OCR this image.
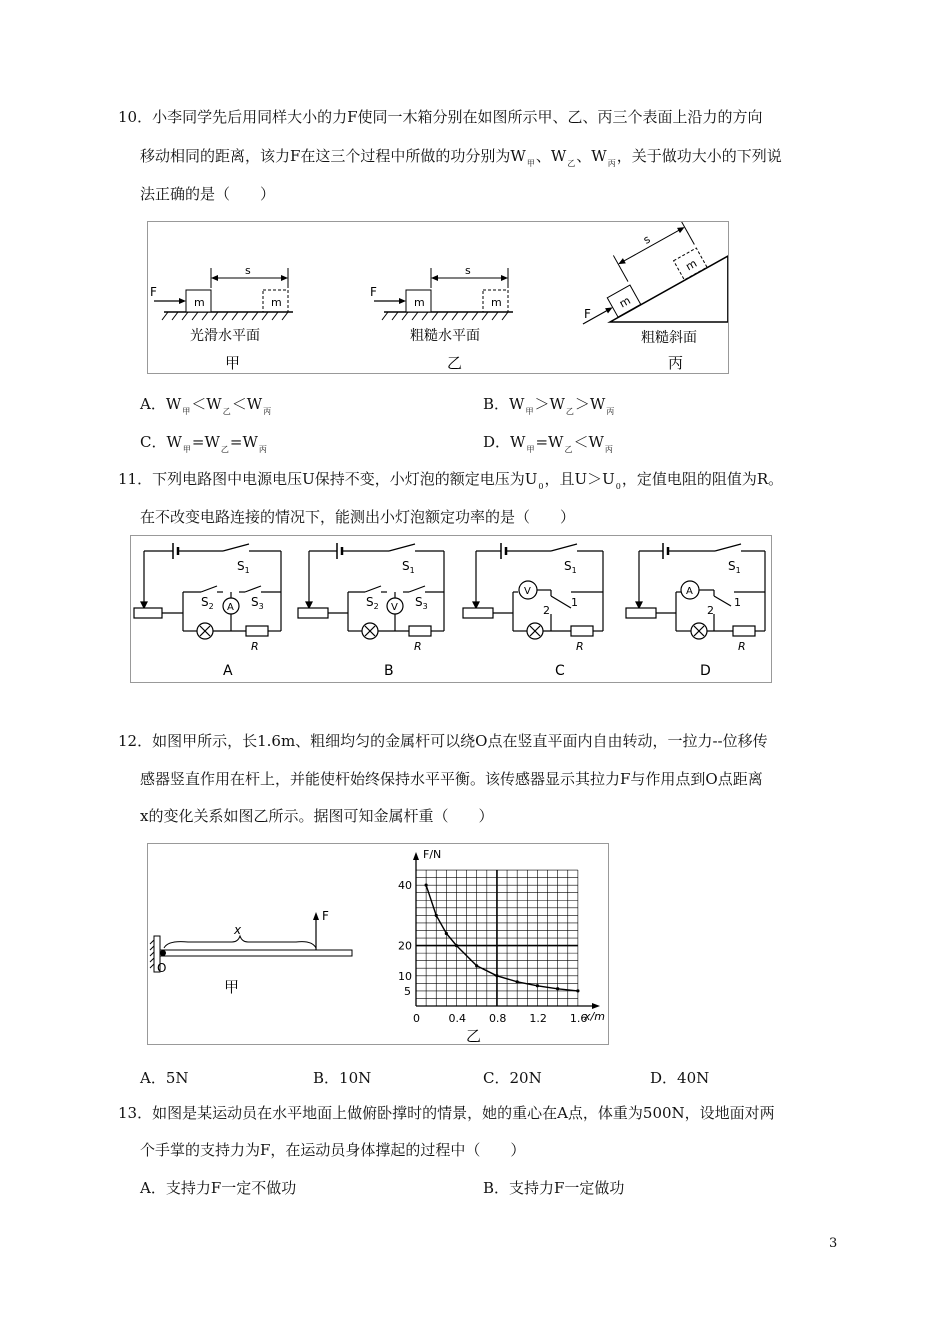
10．小李同学先后用同样大小的力F使同一木箱分别在如图所示甲、乙、丙三个表面上沿力的方向
移动相同的距离，该力F在这三个过程中所做的功分别为$W_甲$、$W_乙$、$W_丙$，关于做功大小的下列说
法正确的是（　　）
m	m
F
s
光滑水平面
甲
m	m
F
s
粗糙水平面
乙
m
m
s
F
粗糙斜面
丙
A．$W_甲<W_乙<W_丙$	B．$W_甲>W_乙>W_丙$
C．$W_甲=W_乙=W_丙$	D．$W_甲=W_乙<W_丙$
11．下列电路图中电源电压U保持不变，小灯泡的额定电压为$U_0$，且$U>U_0$，定值电阻的阻值为R。
在不改变电路连接的情况下，能测出小灯泡额定功率的是（　　）
$S_1$
$S_2$	$S_3$
A
R
A
$S_1$
$S_2$	$S_3$
V
R
B
$S_1$
V
2
1
R
C
$S_1$
A
2
1
R
D
12．如图甲所示，长1.6m、粗细均匀的金属杆可以绕O点在竖直平面内自由转动，一拉力--位移传
感器竖直作用在杆上，并能使杆始终保持水平平衡。该传感器显示其拉力F与作用点到O点距离
x的变化关系如图乙所示。据图可知金属杆重（　　）
F
x
O
甲
0	0.4 0.8 1.2 1.6
5
10
20
40
F/N
x/m
乙
A．5N	B．10N	C．20N	D．40N
13．如图是某运动员在水平地面上做俯卧撑时的情景，她的重心在A点，体重为500N，设地面对两
个手掌的支持力为F，在运动员身体撑起的过程中（　　）
A．支持力F一定不做功	B．支持力F一定做功
3
